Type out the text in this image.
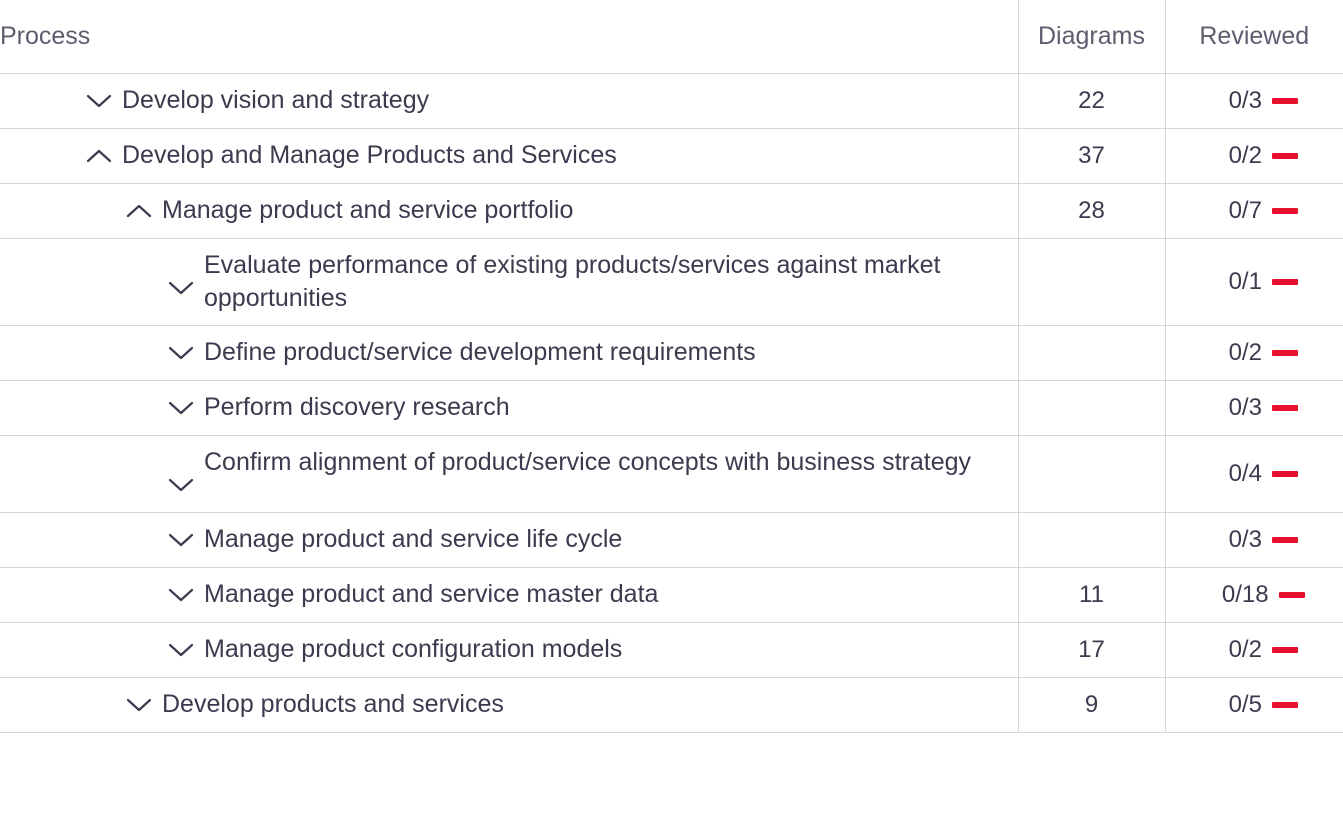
Process	Diagrams	Reviewed

Develop vision and strategy	22	0/3

Develop and Manage Products and Services	37	0/2

Manage product and service portfolio	28	0/7

Evaluate performance of existing products/services against market opportunities		0/1

Define product/service development requirements		0/2

Perform discovery research		0/3

Confirm alignment of product/service concepts with business strategy		0/4

Manage product and service life cycle		0/3

Manage product and service master data	11	0/18

Manage product configuration models	17	0/2

Develop products and services	9	0/5
